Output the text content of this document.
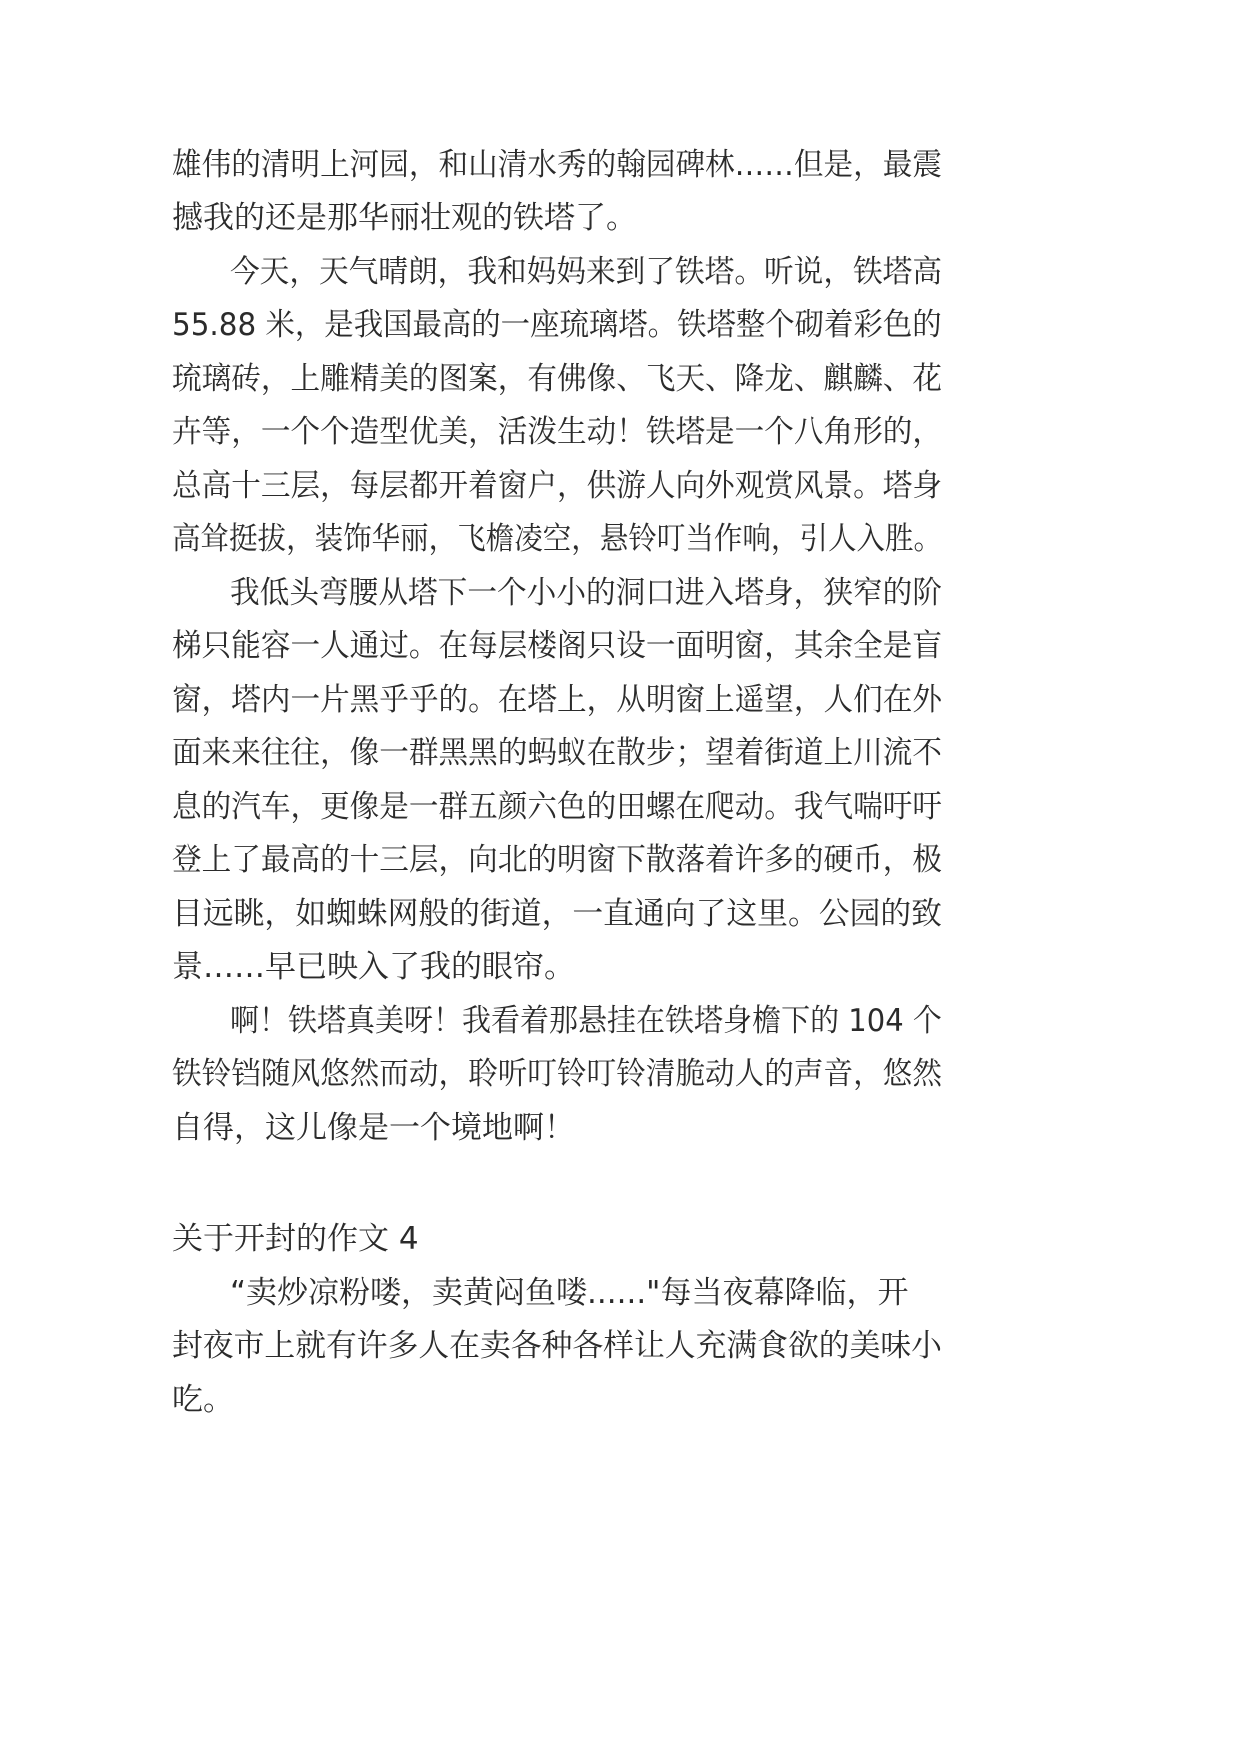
雄伟的清明上河园，和山清水秀的翰园碑林……但是，最震
撼我的还是那华丽壮观的铁塔了。
今天，天气晴朗，我和妈妈来到了铁塔。听说，铁塔高
55.88 米，是我国最高的一座琉璃塔。铁塔整个砌着彩色的
琉璃砖，上雕精美的图案，有佛像、飞天、降龙、麒麟、花
卉等，一个个造型优美，活泼生动！铁塔是一个八角形的，
总高十三层，每层都开着窗户，供游人向外观赏风景。塔身
高耸挺拔，装饰华丽，飞檐凌空，悬铃叮当作响，引人入胜。
我低头弯腰从塔下一个小小的洞口进入塔身，狭窄的阶
梯只能容一人通过。在每层楼阁只设一面明窗，其余全是盲
窗，塔内一片黑乎乎的。在塔上，从明窗上遥望，人们在外
面来来往往，像一群黑黑的蚂蚁在散步；望着街道上川流不
息的汽车，更像是一群五颜六色的田螺在爬动。我气喘吁吁
登上了最高的十三层，向北的明窗下散落着许多的硬币，极
目远眺，如蜘蛛网般的街道，一直通向了这里。公园的致
景……早已映入了我的眼帘。
啊！铁塔真美呀！我看着那悬挂在铁塔身檐下的 104 个
铁铃铛随风悠然而动，聆听叮铃叮铃清脆动人的声音，悠然
自得，这儿像是一个境地啊！
关于开封的作文 4
“卖炒凉粉喽，卖黄闷鱼喽......"每当夜幕降临，开
封夜市上就有许多人在卖各种各样让人充满食欲的美味小
吃。
